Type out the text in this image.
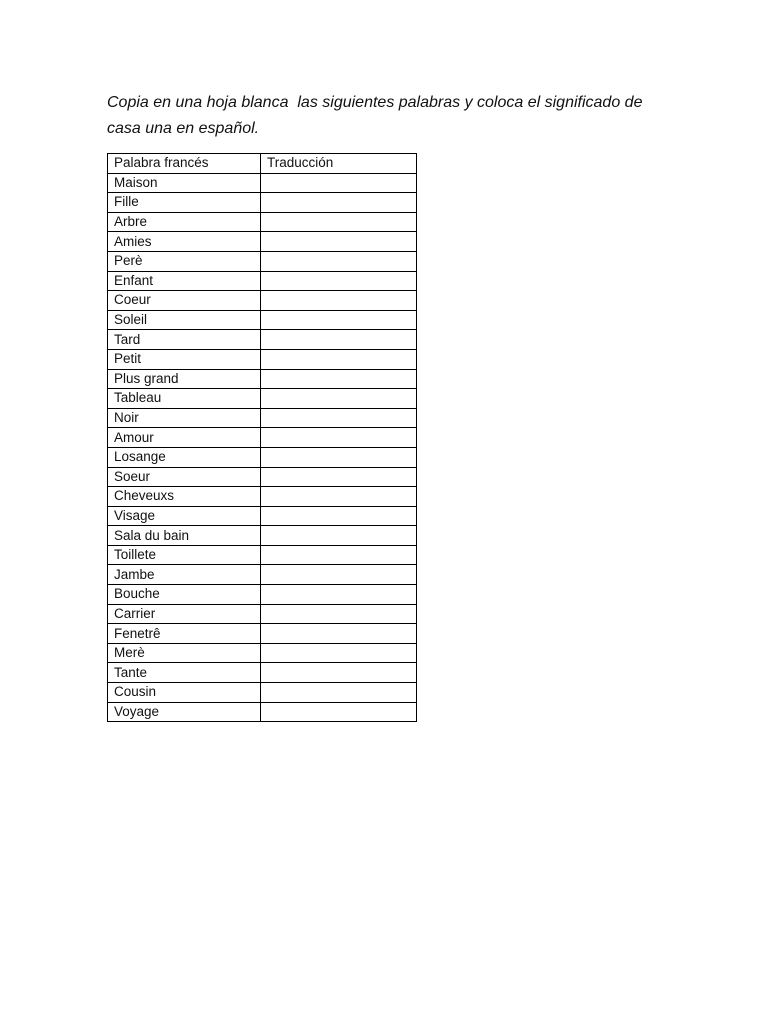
Copia en una hoja blanca  las siguientes palabras y coloca el significado de casa una en español.

Palabra francés	Traducción
Maison	
Fille	
Arbre	
Amies	
Perè	
Enfant	
Coeur	
Soleil	
Tard	
Petit	
Plus grand	
Tableau	
Noir	
Amour	
Losange	
Soeur	
Cheveuxs	
Visage	
Sala du bain	
Toillete	
Jambe	
Bouche	
Carrier	
Fenetrê	
Merè	
Tante	
Cousin	
Voyage	
